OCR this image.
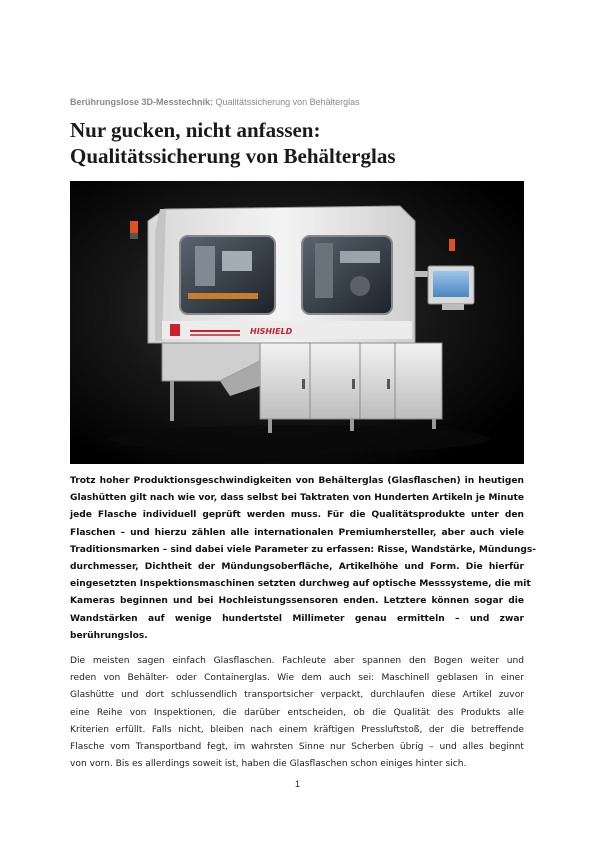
Berührungslose 3D-Messtechnik: Qualitätssicherung von Behälterglas
Nur gucken, nicht anfassen:
Qualitätssicherung von Behälterglas
HISHIELD

Trotz hoher Produktionsgeschwindigkeiten von Behälterglas (Glasflaschen) in heutigen
Glashütten gilt nach wie vor, dass selbst bei Taktraten von Hunderten Artikeln je Minute
jede Flasche individuell geprüft werden muss. Für die Qualitätsprodukte unter den
Flaschen – und hierzu zählen alle internationalen Premiumhersteller, aber auch viele
Traditionsmarken – sind dabei viele Parameter zu erfassen: Risse, Wandstärke, Mündungs-
durchmesser, Dichtheit der Mündungsoberfläche, Artikelhöhe und Form. Die hierfür
eingesetzten Inspektionsmaschinen setzten durchweg auf optische Messsysteme, die mit
Kameras beginnen und bei Hochleistungssensoren enden. Letztere können sogar die
Wandstärken auf wenige hundertstel Millimeter genau ermitteln – und zwar
berührungslos.

Die meisten sagen einfach Glasflaschen. Fachleute aber spannen den Bogen weiter und
reden von Behälter- oder Containerglas. Wie dem auch sei: Maschinell geblasen in einer
Glashütte und dort schlussendlich transportsicher verpackt, durchlaufen diese Artikel zuvor
eine Reihe von Inspektionen, die darüber entscheiden, ob die Qualität des Produkts alle
Kriterien erfüllt. Falls nicht, bleiben nach einem kräftigen Pressluftstoß, der die betreffende
Flasche vom Transportband fegt, im wahrsten Sinne nur Scherben übrig – und alles beginnt
von vorn. Bis es allerdings soweit ist, haben die Glasflaschen schon einiges hinter sich.

1
